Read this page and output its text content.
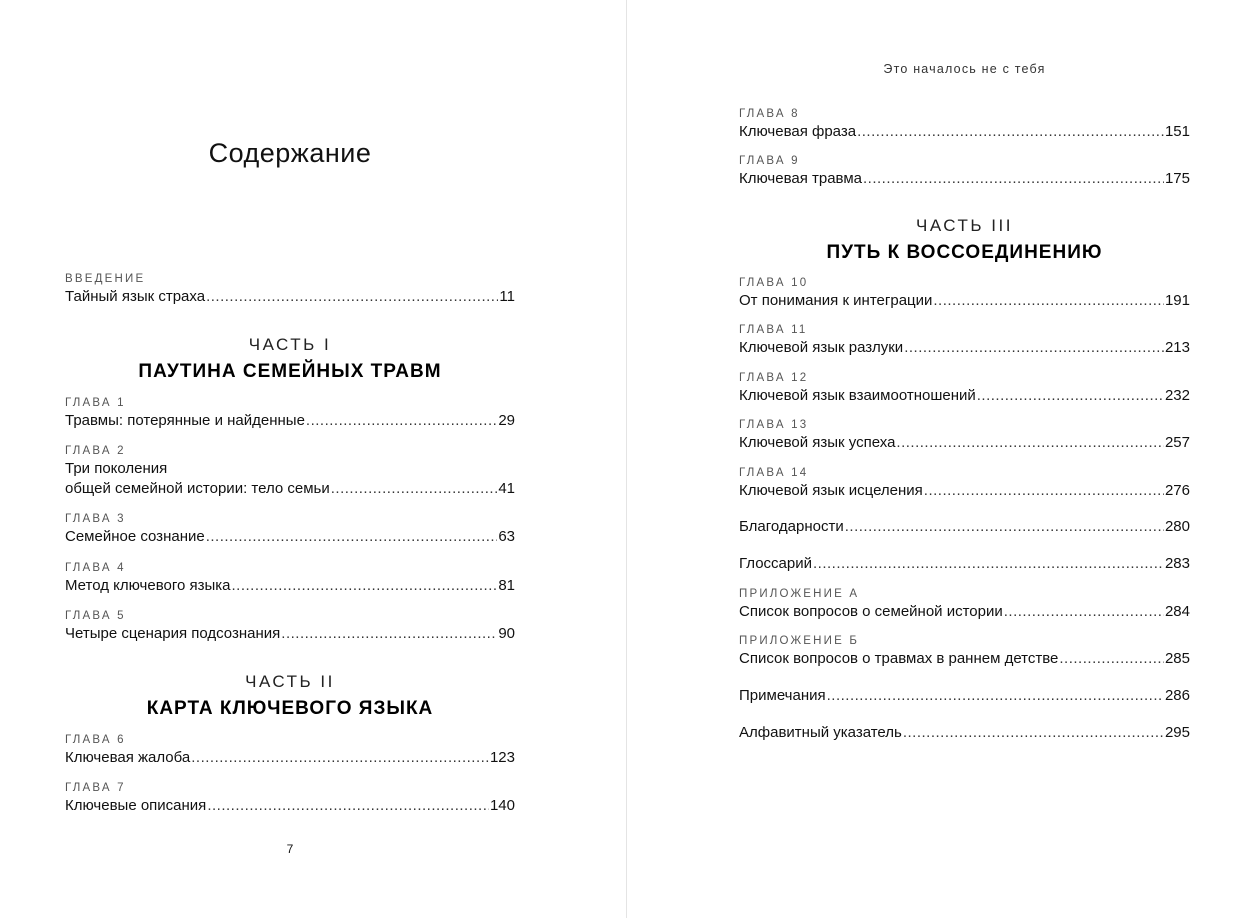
Содержание
ВВЕДЕНИЕ
Тайный язык страха .....	11
ЧАСТЬ I
ПАУТИНА СЕМЕЙНЫХ ТРАВМ
ГЛАВА 1
Травмы: потерянные и найденные .....	29
ГЛАВА 2
Три поколения
общей семейной истории: тело семьи .....	41
ГЛАВА 3
Семейное сознание .....	63
ГЛАВА 4
Метод ключевого языка .....	81
ГЛАВА 5
Четыре сценария подсознания .....	90
ЧАСТЬ II
КАРТА КЛЮЧЕВОГО ЯЗЫКА
ГЛАВА 6
Ключевая жалоба .....	123
ГЛАВА 7
Ключевые описания .....	140
7
Это началось не с тебя
ГЛАВА 8
Ключевая фраза .....	151
ГЛАВА 9
Ключевая травма .....	175
ЧАСТЬ III
ПУТЬ К ВОССОЕДИНЕНИЮ
ГЛАВА 10
От понимания к интеграции .....	191
ГЛАВА 11
Ключевой язык разлуки .....	213
ГЛАВА 12
Ключевой язык взаимоотношений .....	232
ГЛАВА 13
Ключевой язык успеха .....	257
ГЛАВА 14
Ключевой язык исцеления .....	276
Благодарности .....	280
Глоссарий .....	283
ПРИЛОЖЕНИЕ А
Список вопросов о семейной истории .....	284
ПРИЛОЖЕНИЕ Б
Список вопросов о травмах в раннем детстве .....	285
Примечания .....	286
Алфавитный указатель .....	295
